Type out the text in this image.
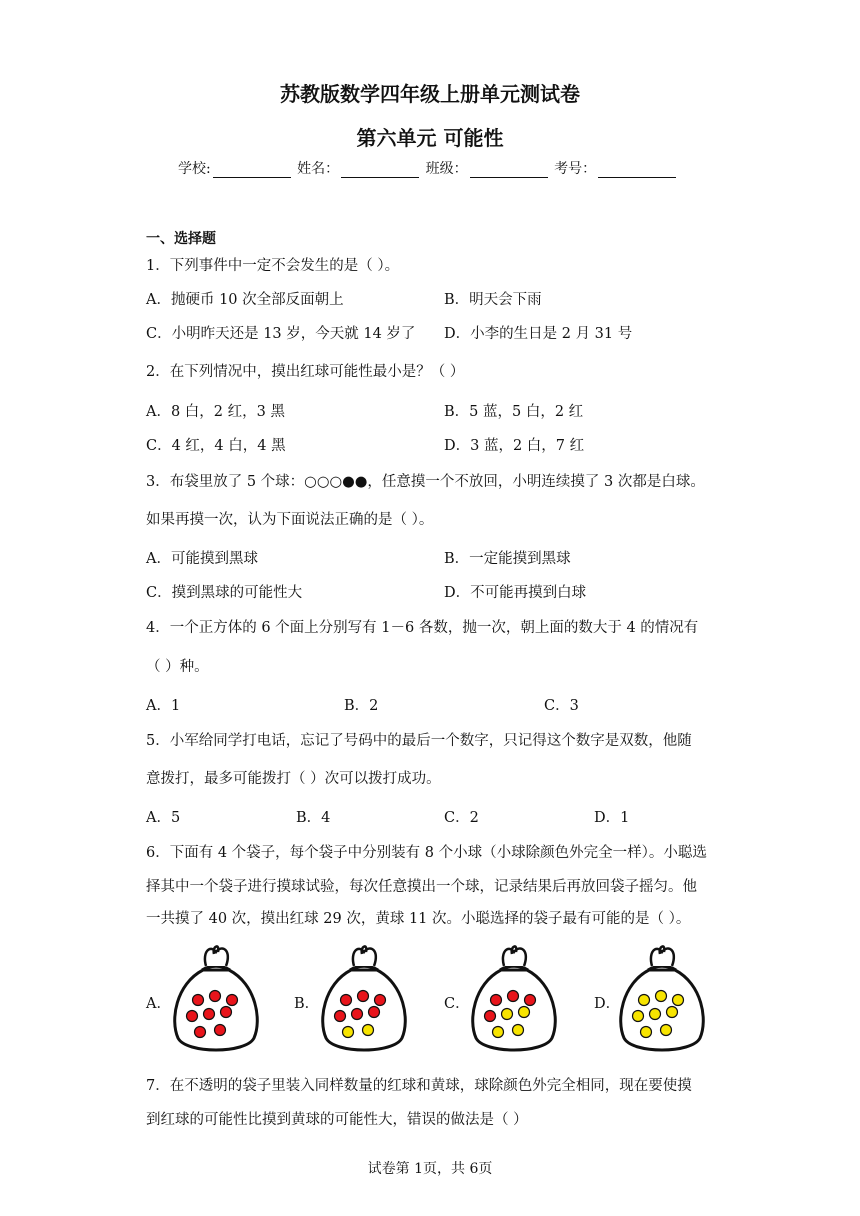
苏教版数学四年级上册单元测试卷
第六单元 可能性
学校:	姓名：	班级：	考号：
一、选择题
1．下列事件中一定不会发生的是（ ）。
A．抛硬币 10 次全部反面朝上	B．明天会下雨
C．小明昨天还是 13 岁，今天就 14 岁了 D．小李的生日是 2 月 31 号
2．在下列情况中，摸出红球可能性最小是？（ ）
A．8 白，2 红，3 黑	B．5 蓝，5 白，2 红
C．4 红，4 白，4 黑	D．3 蓝，2 白，7 红
3．布袋里放了 5 个球：○○○●●，任意摸一个不放回，小明连续摸了 3 次都是白球。
如果再摸一次，认为下面说法正确的是（ ）。
A．可能摸到黑球	B．一定能摸到黑球
C．摸到黑球的可能性大	D．不可能再摸到白球
4．一个正方体的 6 个面上分别写有 1－6 各数，抛一次，朝上面的数大于 4 的情况有
（ ）种。
A．1	B．2	C．3
5．小军给同学打电话，忘记了号码中的最后一个数字，只记得这个数字是双数，他随
意拨打，最多可能拨打（ ）次可以拨打成功。
A．5	B．4	C．2	D．1
6．下面有 4 个袋子，每个袋子中分别装有 8 个小球（小球除颜色外完全一样）。小聪选
择其中一个袋子进行摸球试验，每次任意摸出一个球，记录结果后再放回袋子摇匀。他
一共摸了 40 次，摸出红球 29 次，黄球 11 次。小聪选择的袋子最有可能的是（ ）。
A．	B．	C．	D．
7．在不透明的袋子里装入同样数量的红球和黄球，球除颜色外完全相同，现在要使摸
到红球的可能性比摸到黄球的可能性大，错误的做法是（ ）
试卷第 1页，共 6页
